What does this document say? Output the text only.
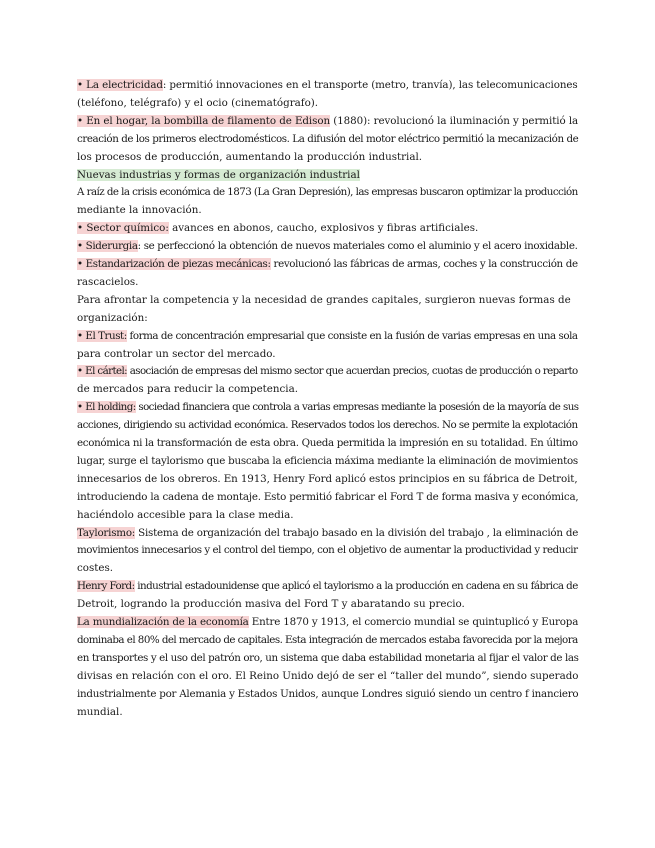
• La electricidad: permitió innovaciones en el transporte (metro, tranvía), las telecomunicaciones
(teléfono, telégrafo) y el ocio (cinematógrafo).
• En el hogar, la bombilla de filamento de Edison (1880): revolucionó la iluminación y permitió la
creación de los primeros electrodomésticos. La difusión del motor eléctrico permitió la mecanización de
los procesos de producción, aumentando la producción industrial.
Nuevas industrias y formas de organización industrial
A raíz de la crisis económica de 1873 (La Gran Depresión), las empresas buscaron optimizar la producción
mediante la innovación.
• Sector químico: avances en abonos, caucho, explosivos y fibras artificiales.
• Siderurgia: se perfeccionó la obtención de nuevos materiales como el aluminio y el acero inoxidable.
• Estandarización de piezas mecánicas: revolucionó las fábricas de armas, coches y la construcción de
rascacielos.
Para afrontar la competencia y la necesidad de grandes capitales, surgieron nuevas formas de
organización:
• El Trust: forma de concentración empresarial que consiste en la fusión de varias empresas en una sola
para controlar un sector del mercado.
• El cártel: asociación de empresas del mismo sector que acuerdan precios, cuotas de producción o reparto
de mercados para reducir la competencia.
• El holding: sociedad financiera que controla a varias empresas mediante la posesión de la mayoría de sus
acciones, dirigiendo su actividad económica. Reservados todos los derechos. No se permite la explotación
económica ni la transformación de esta obra. Queda permitida la impresión en su totalidad. En último
lugar, surge el taylorismo que buscaba la eficiencia máxima mediante la eliminación de movimientos
innecesarios de los obreros. En 1913, Henry Ford aplicó estos principios en su fábrica de Detroit,
introduciendo la cadena de montaje. Esto permitió fabricar el Ford T de forma masiva y económica,
haciéndolo accesible para la clase media.
Taylorismo: Sistema de organización del trabajo basado en la división del trabajo , la eliminación de
movimientos innecesarios y el control del tiempo, con el objetivo de aumentar la productividad y reducir
costes.
Henry Ford: industrial estadounidense que aplicó el taylorismo a la producción en cadena en su fábrica de
Detroit, logrando la producción masiva del Ford T y abaratando su precio.
La mundialización de la economía Entre 1870 y 1913, el comercio mundial se quintuplicó y Europa
dominaba el 80% del mercado de capitales. Esta integración de mercados estaba favorecida por la mejora
en transportes y el uso del patrón oro, un sistema que daba estabilidad monetaria al fijar el valor de las
divisas en relación con el oro. El Reino Unido dejó de ser el “taller del mundo”, siendo superado
industrialmente por Alemania y Estados Unidos, aunque Londres siguió siendo un centro f inanciero
mundial.
